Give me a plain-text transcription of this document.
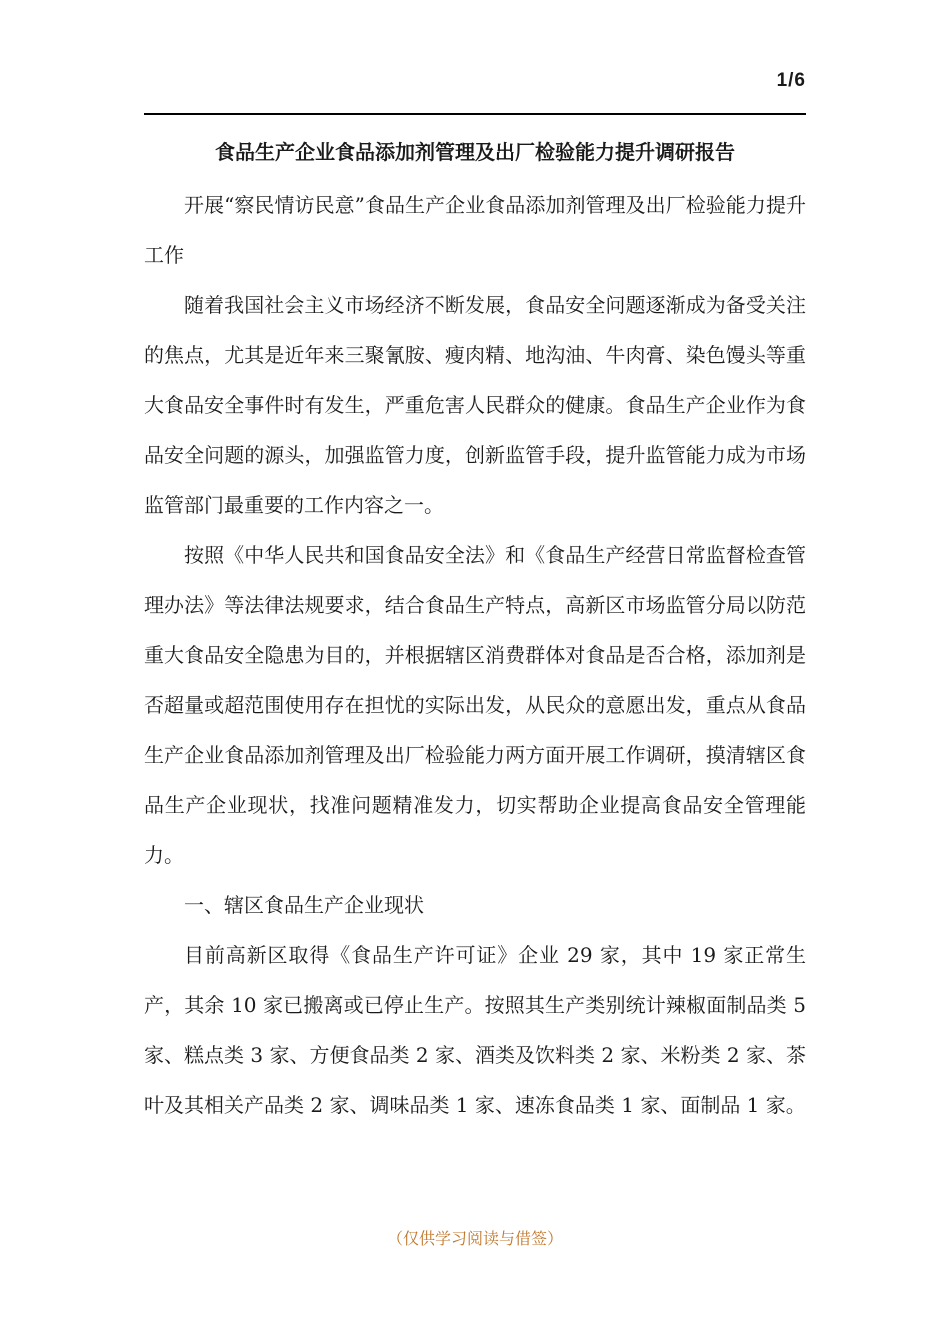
1/6
食品生产企业食品添加剂管理及出厂检验能力提升调研报告

开展“察民情访民意”食品生产企业食品添加剂管理及出厂检验能力提升工作

随着我国社会主义市场经济不断发展，食品安全问题逐渐成为备受关注的焦点，尤其是近年来三聚氰胺、瘦肉精、地沟油、牛肉膏、染色馒头等重大食品安全事件时有发生，严重危害人民群众的健康。食品生产企业作为食品安全问题的源头，加强监管力度，创新监管手段，提升监管能力成为市场监管部门最重要的工作内容之一。

按照《中华人民共和国食品安全法》和《食品生产经营日常监督检查管理办法》等法律法规要求，结合食品生产特点，高新区市场监管分局以防范重大食品安全隐患为目的，并根据辖区消费群体对食品是否合格，添加剂是否超量或超范围使用存在担忧的实际出发，从民众的意愿出发，重点从食品生产企业食品添加剂管理及出厂检验能力两方面开展工作调研，摸清辖区食品生产企业现状，找准问题精准发力，切实帮助企业提高食品安全管理能力。

一、辖区食品生产企业现状

目前高新区取得《食品生产许可证》企业 29 家，其中 19 家正常生产，其余 10 家已搬离或已停止生产。按照其生产类别统计辣椒面制品类 5 家、糕点类 3 家、方便食品类 2 家、酒类及饮料类 2 家、米粉类 2 家、茶叶及其相关产品类 2 家、调味品类 1 家、速冻食品类 1 家、面制品 1 家。

（仅供学习阅读与借签）
